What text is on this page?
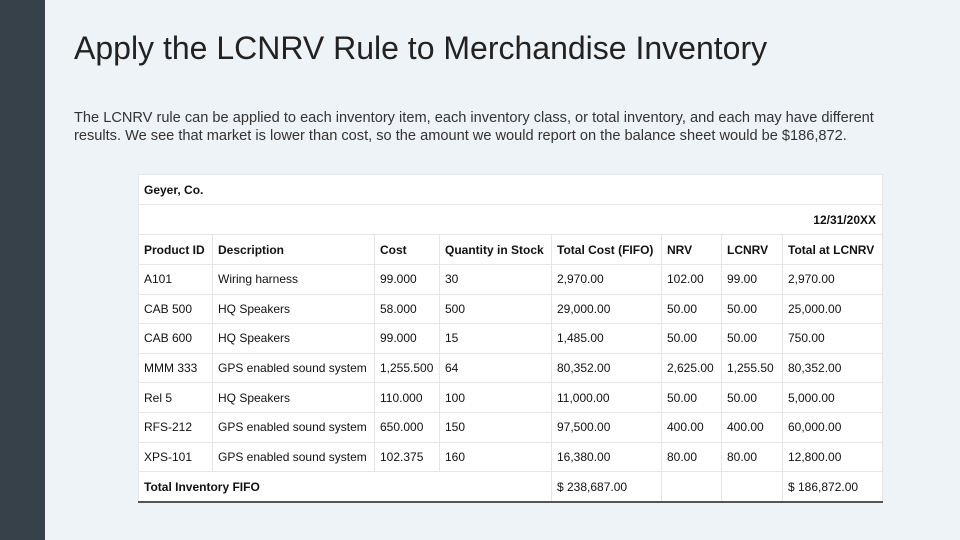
Apply the LCNRV Rule to Merchandise Inventory
The LCNRV rule can be applied to each inventory item, each inventory class, or total inventory, and each may have different results. We see that market is lower than cost, so the amount we would report on the balance sheet would be $186,872.
Geyer, Co.							
12/31/20XX							
Product ID	Description	Cost	Quantity in Stock	Total Cost (FIFO)	NRV	LCNRV	Total at LCNRV
A101	Wiring harness	99.000	30	2,970.00	102.00	99.00	2,970.00
CAB 500	HQ Speakers	58.000	500	29,000.00	50.00	50.00	25,000.00
CAB 600	HQ Speakers	99.000	15	1,485.00	50.00	50.00	750.00
MMM 333	GPS enabled sound system	1,255.500	64	80,352.00	2,625.00	1,255.50	80,352.00
Rel 5	HQ Speakers	110.000	100	11,000.00	50.00	50.00	5,000.00
RFS-212	GPS enabled sound system	650.000	150	97,500.00	400.00	400.00	60,000.00
XPS-101	GPS enabled sound system	102.375	160	16,380.00	80.00	80.00	12,800.00
Total Inventory FIFO				$ 238,687.00			$ 186,872.00
